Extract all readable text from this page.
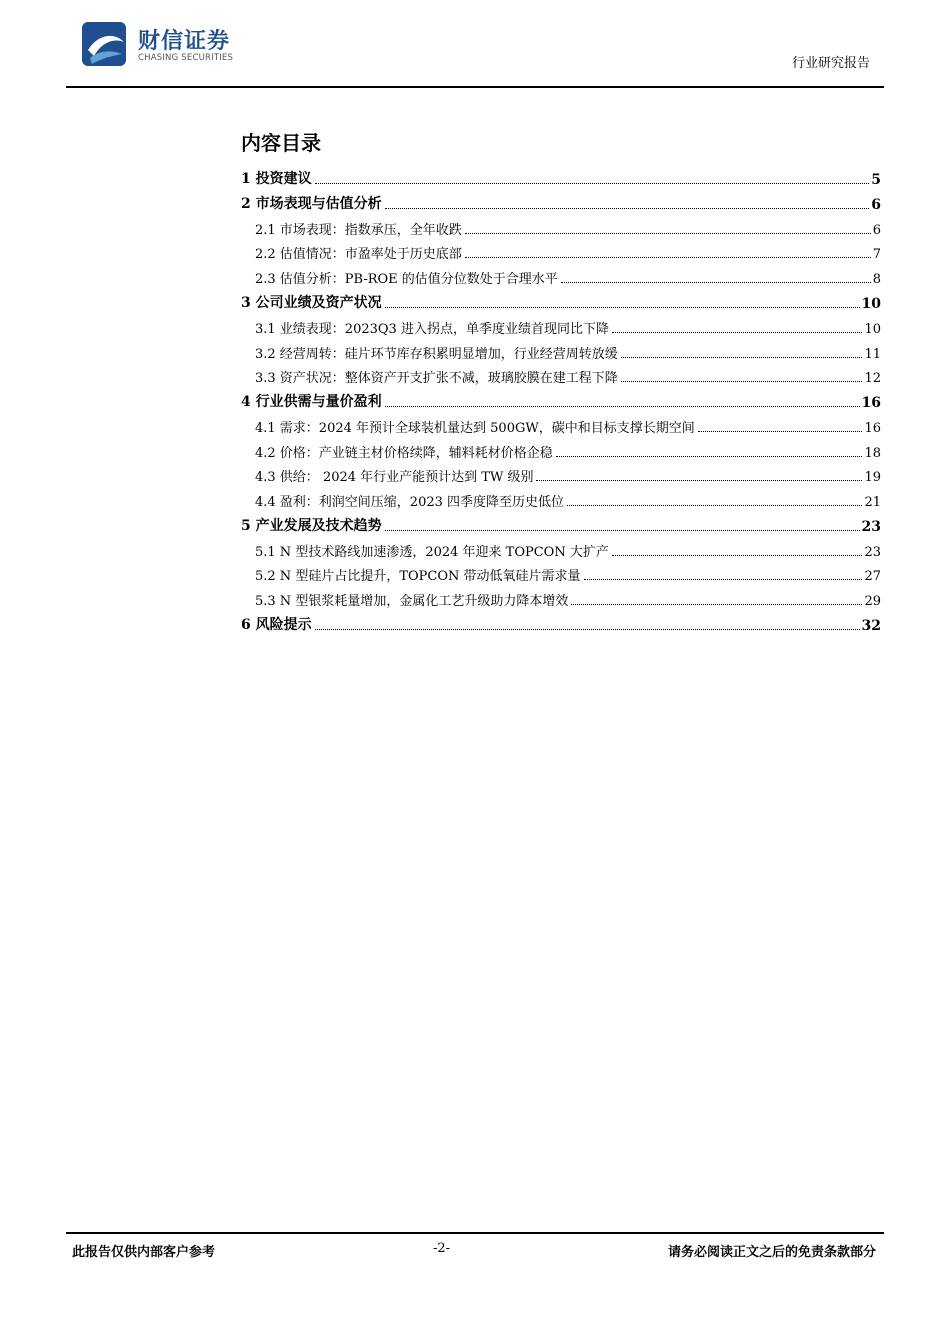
财信证券
CHASING SECURITIES	行业研究报告
内容目录
1 投资建议	5
2 市场表现与估值分析	6
2.1 市场表现：指数承压，全年收跌	6
2.2 估值情况：市盈率处于历史底部	7
2.3 估值分析：PB-ROE 的估值分位数处于合理水平	8
3 公司业绩及资产状况	10
3.1 业绩表现：2023Q3 进入拐点，单季度业绩首现同比下降	10
3.2 经营周转：硅片环节库存积累明显增加，行业经营周转放缓	11
3.3 资产状况：整体资产开支扩张不减，玻璃胶膜在建工程下降	12
4 行业供需与量价盈利	16
4.1 需求：2024 年预计全球装机量达到 500GW，碳中和目标支撑长期空间	16
4.2 价格：产业链主材价格续降，辅料耗材价格企稳	18
4.3 供给： 2024 年行业产能预计达到 TW 级别	19
4.4 盈利：利润空间压缩，2023 四季度降至历史低位	21
5 产业发展及技术趋势	23
5.1 N 型技术路线加速渗透，2024 年迎来 TOPCON 大扩产	23
5.2 N 型硅片占比提升，TOPCON 带动低氧硅片需求量	27
5.3 N 型银浆耗量增加，金属化工艺升级助力降本增效	29
6 风险提示	32
此报告仅供内部客户参考	-2-	请务必阅读正文之后的免责条款部分
